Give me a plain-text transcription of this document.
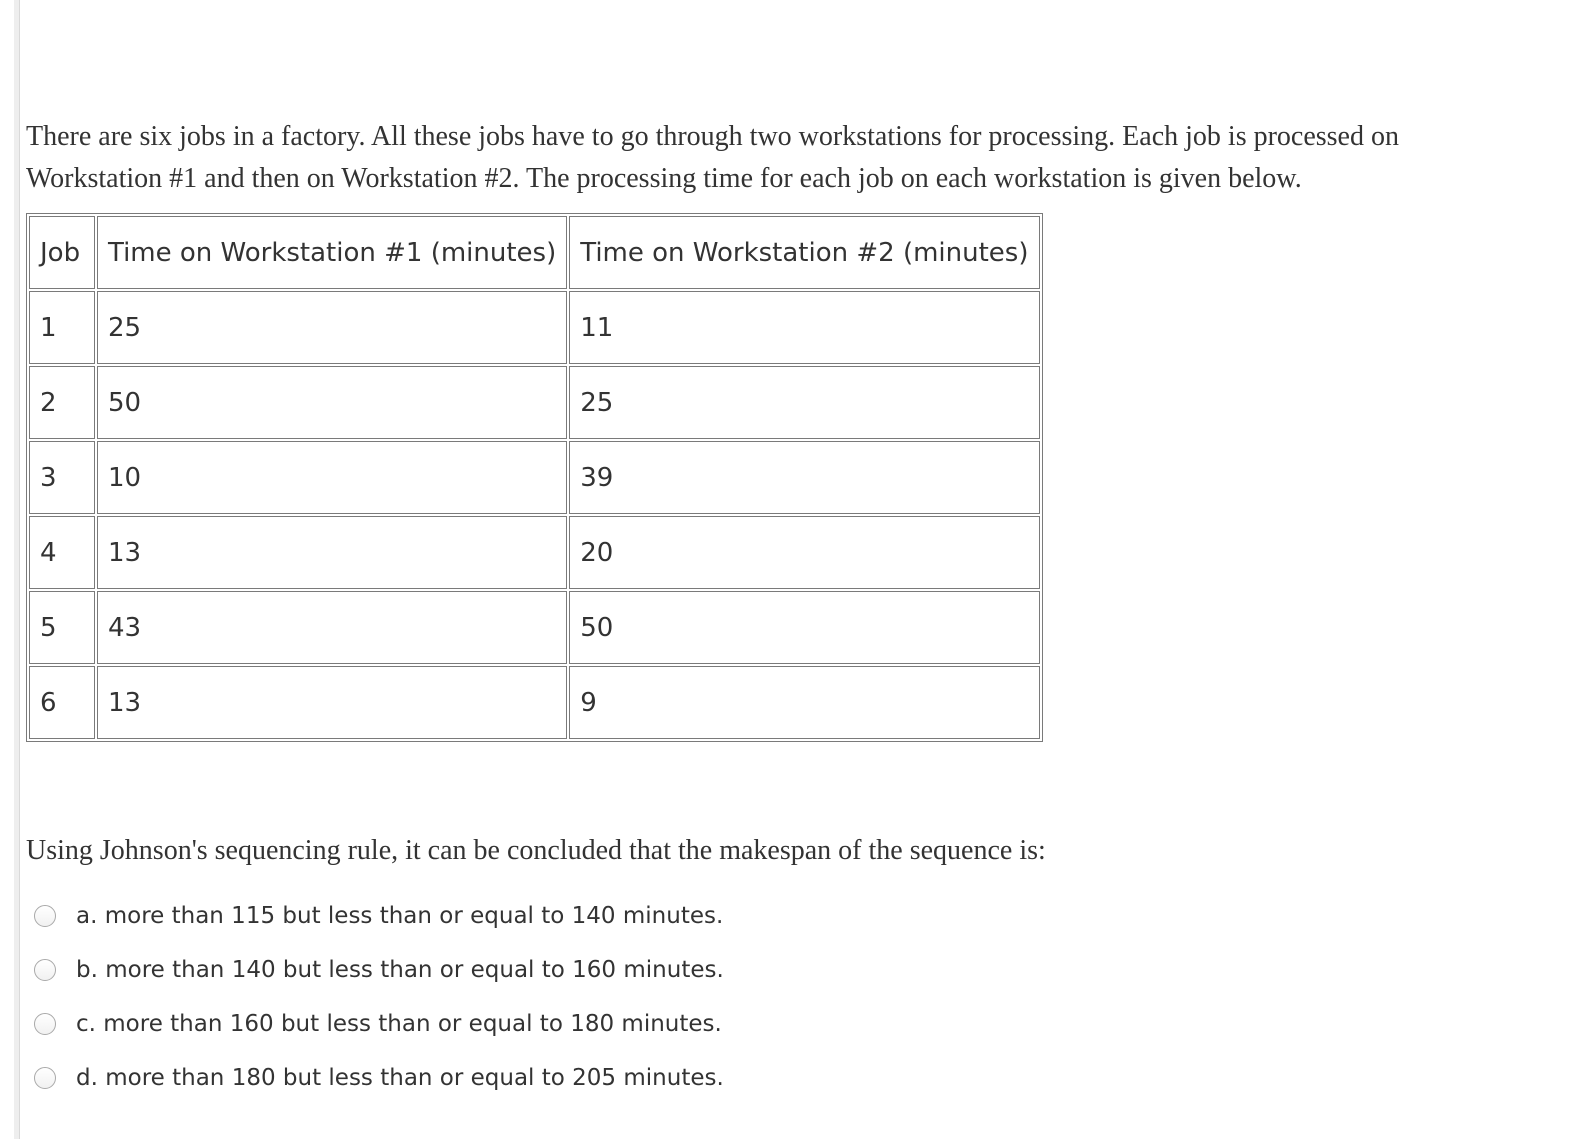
There are six jobs in a factory. All these jobs have to go through two workstations for processing. Each job is processed on Workstation #1 and then on Workstation #2. The processing time for each job on each workstation is given below.

Job	Time on Workstation #1 (minutes)	Time on Workstation #2 (minutes)
1	25	11
2	50	25
3	10	39
4	13	20
5	43	50
6	13	9

Using Johnson's sequencing rule, it can be concluded that the makespan of the sequence is:

a. more than 115 but less than or equal to 140 minutes.
b. more than 140 but less than or equal to 160 minutes.
c. more than 160 but less than or equal to 180 minutes.
d. more than 180 but less than or equal to 205 minutes.
